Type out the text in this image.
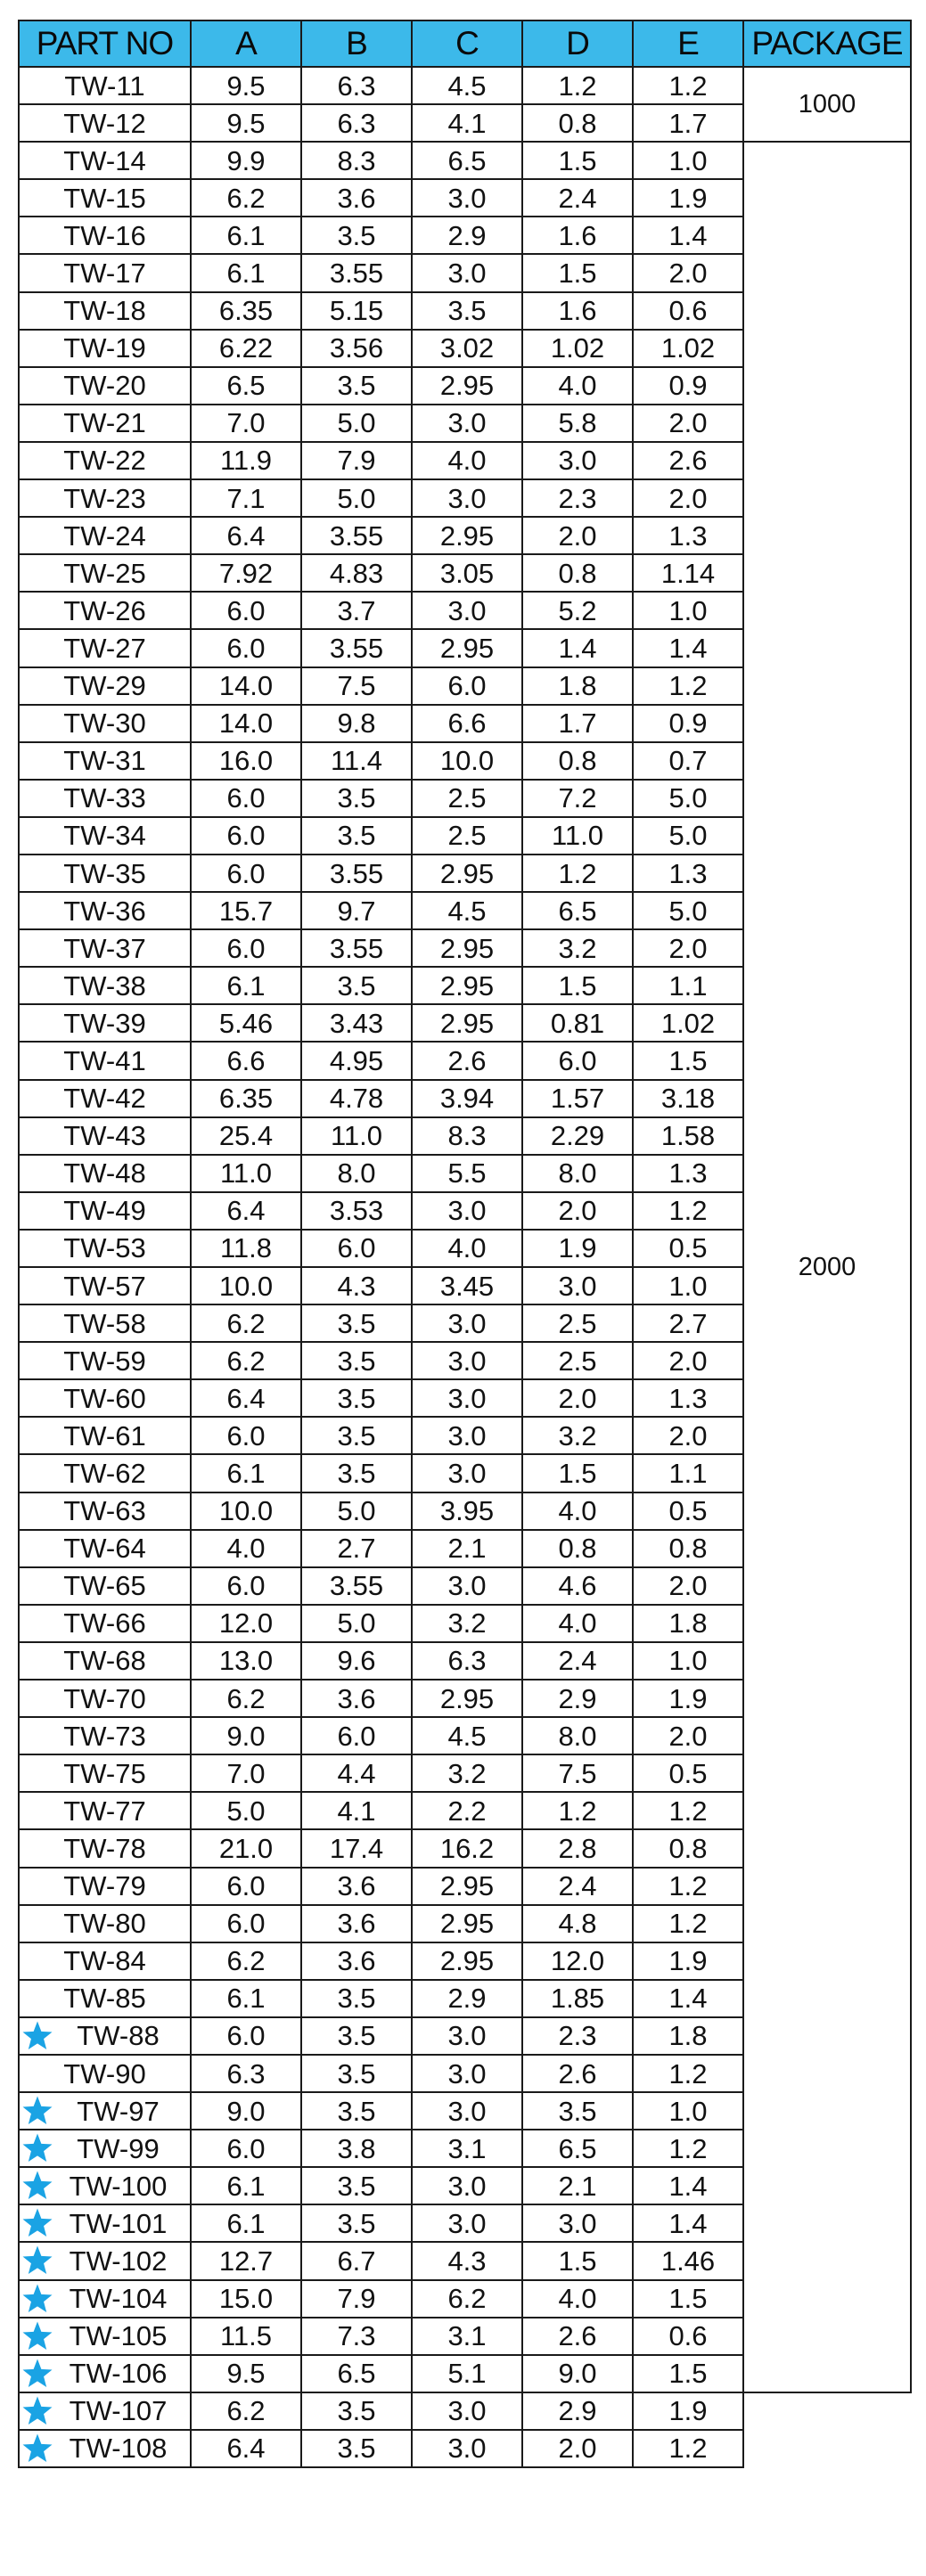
PART NO	A	B	C	D	E	PACKAGE
TW-11	9.5	6.3	4.5	1.2	1.2	1000
TW-12	9.5	6.3	4.1	0.8	1.7	
TW-14	9.9	8.3	6.5	1.5	1.0	2000
TW-15	6.2	3.6	3.0	2.4	1.9	
TW-16	6.1	3.5	2.9	1.6	1.4	
TW-17	6.1	3.55	3.0	1.5	2.0	
TW-18	6.35	5.15	3.5	1.6	0.6	
TW-19	6.22	3.56	3.02	1.02	1.02	
TW-20	6.5	3.5	2.95	4.0	0.9	
TW-21	7.0	5.0	3.0	5.8	2.0	
TW-22	11.9	7.9	4.0	3.0	2.6	
TW-23	7.1	5.0	3.0	2.3	2.0	
TW-24	6.4	3.55	2.95	2.0	1.3	
TW-25	7.92	4.83	3.05	0.8	1.14	
TW-26	6.0	3.7	3.0	5.2	1.0	
TW-27	6.0	3.55	2.95	1.4	1.4	
TW-29	14.0	7.5	6.0	1.8	1.2	
TW-30	14.0	9.8	6.6	1.7	0.9	
TW-31	16.0	11.4	10.0	0.8	0.7	
TW-33	6.0	3.5	2.5	7.2	5.0	
TW-34	6.0	3.5	2.5	11.0	5.0	
TW-35	6.0	3.55	2.95	1.2	1.3	
TW-36	15.7	9.7	4.5	6.5	5.0	
TW-37	6.0	3.55	2.95	3.2	2.0	
TW-38	6.1	3.5	2.95	1.5	1.1	
TW-39	5.46	3.43	2.95	0.81	1.02	
TW-41	6.6	4.95	2.6	6.0	1.5	
TW-42	6.35	4.78	3.94	1.57	3.18	
TW-43	25.4	11.0	8.3	2.29	1.58	
TW-48	11.0	8.0	5.5	8.0	1.3	
TW-49	6.4	3.53	3.0	2.0	1.2	
TW-53	11.8	6.0	4.0	1.9	0.5	
TW-57	10.0	4.3	3.45	3.0	1.0	
TW-58	6.2	3.5	3.0	2.5	2.7	
TW-59	6.2	3.5	3.0	2.5	2.0	
TW-60	6.4	3.5	3.0	2.0	1.3	
TW-61	6.0	3.5	3.0	3.2	2.0	
TW-62	6.1	3.5	3.0	1.5	1.1	
TW-63	10.0	5.0	3.95	4.0	0.5	
TW-64	4.0	2.7	2.1	0.8	0.8	
TW-65	6.0	3.55	3.0	4.6	2.0	
TW-66	12.0	5.0	3.2	4.0	1.8	
TW-68	13.0	9.6	6.3	2.4	1.0	
TW-70	6.2	3.6	2.95	2.9	1.9	
TW-73	9.0	6.0	4.5	8.0	2.0	
TW-75	7.0	4.4	3.2	7.5	0.5	
TW-77	5.0	4.1	2.2	1.2	1.2	
TW-78	21.0	17.4	16.2	2.8	0.8	
TW-79	6.0	3.6	2.95	2.4	1.2	
TW-80	6.0	3.6	2.95	4.8	1.2	
TW-84	6.2	3.6	2.95	12.0	1.9	
TW-85	6.1	3.5	2.9	1.85	1.4	

TW-88	6.0	3.5	3.0	2.3	1.8	
TW-90	6.3	3.5	3.0	2.6	1.2	

TW-97	9.0	3.5	3.0	3.5	1.0	

TW-99	6.0	3.8	3.1	6.5	1.2	

TW-100	6.1	3.5	3.0	2.1	1.4	

TW-101	6.1	3.5	3.0	3.0	1.4	

TW-102	12.7	6.7	4.3	1.5	1.46	

TW-104	15.0	7.9	6.2	4.0	1.5	

TW-105	11.5	7.3	3.1	2.6	0.6	

TW-106	9.5	6.5	5.1	9.0	1.5	

TW-107	6.2	3.5	3.0	2.9	1.9	

TW-108	6.4	3.5	3.0	2.0	1.2	
